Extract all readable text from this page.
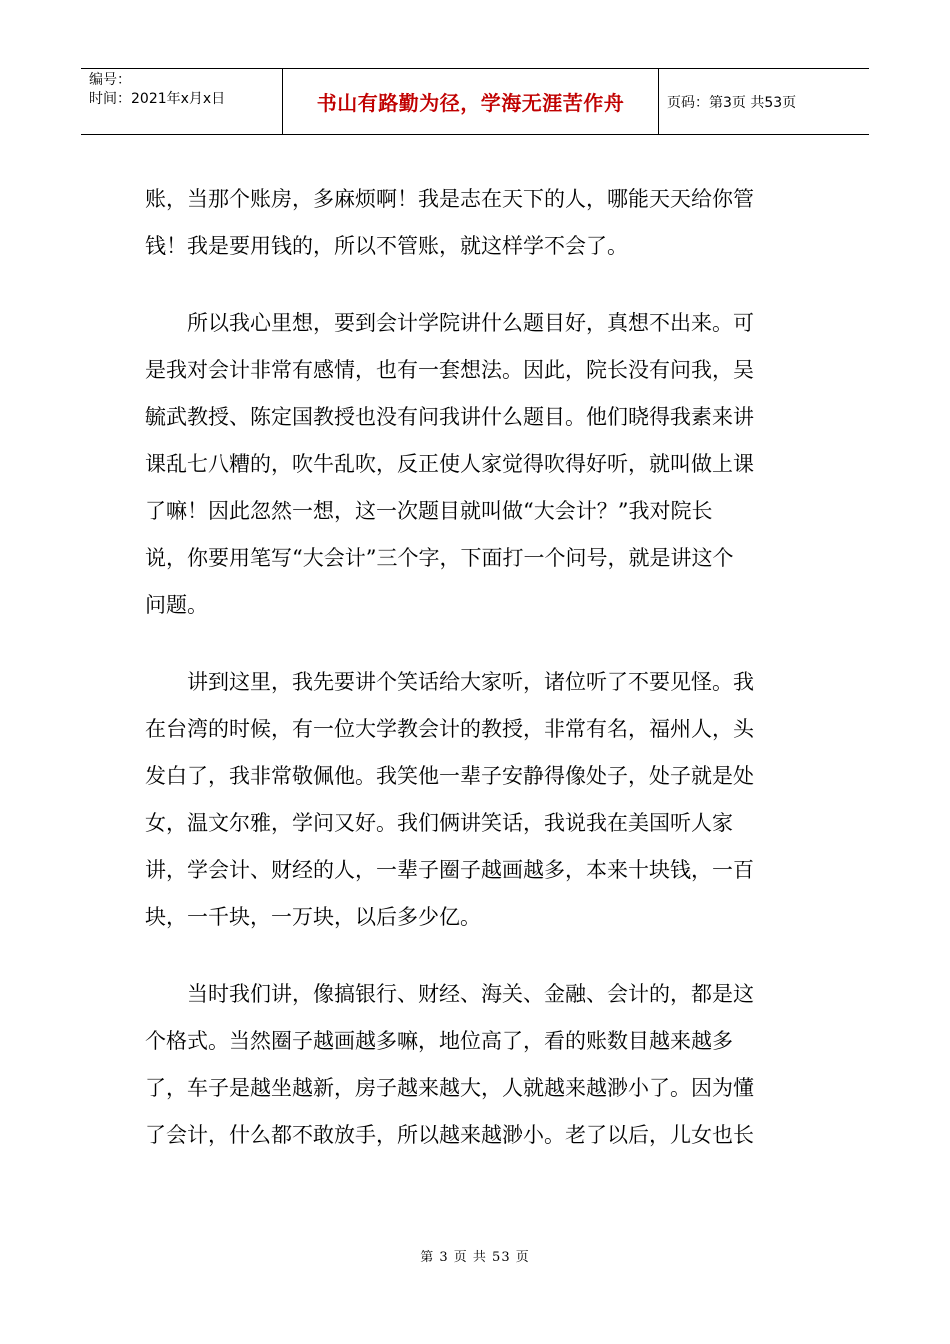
编号：
时间：2021年x月x日	书山有路勤为径，学海无涯苦作舟	页码：第3页 共53页

账，当那个账房，多麻烦啊！我是志在天下的人，哪能天天给你管
钱！我是要用钱的，所以不管账，就这样学不会了。

所以我心里想，要到会计学院讲什么题目好，真想不出来。可
是我对会计非常有感情，也有一套想法。因此，院长没有问我，吴
毓武教授、陈定国教授也没有问我讲什么题目。他们晓得我素来讲
课乱七八糟的，吹牛乱吹，反正使人家觉得吹得好听，就叫做上课
了嘛！因此忽然一想，这一次题目就叫做“大会计？”我对院长
说，你要用笔写“大会计”三个字，下面打一个问号，就是讲这个
问题。

讲到这里，我先要讲个笑话给大家听，诸位听了不要见怪。我
在台湾的时候，有一位大学教会计的教授，非常有名，福州人，头
发白了，我非常敬佩他。我笑他一辈子安静得像处子，处子就是处
女，温文尔雅，学问又好。我们俩讲笑话，我说我在美国听人家
讲，学会计、财经的人，一辈子圈子越画越多，本来十块钱，一百
块，一千块，一万块，以后多少亿。

当时我们讲，像搞银行、财经、海关、金融、会计的，都是这
个格式。当然圈子越画越多嘛，地位高了，看的账数目越来越多
了，车子是越坐越新，房子越来越大，人就越来越渺小了。因为懂
了会计，什么都不敢放手，所以越来越渺小。老了以后，儿女也长

第 3 页 共 53 页
